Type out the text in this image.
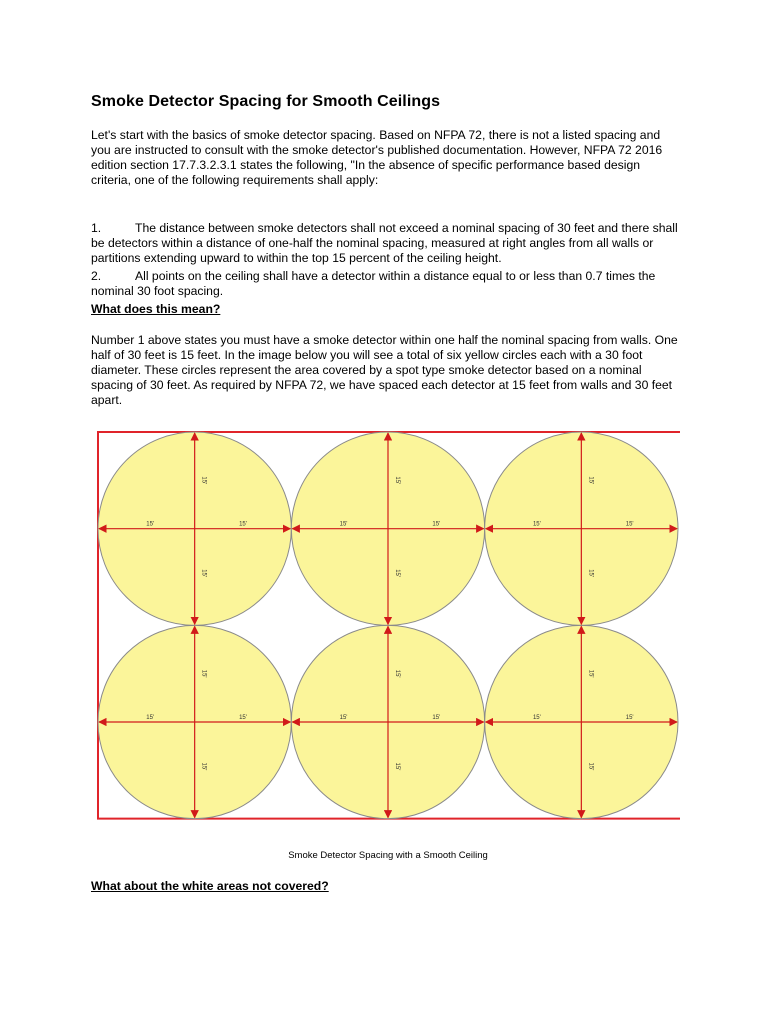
Smoke Detector Spacing for Smooth Ceilings

Let's start with the basics of smoke detector spacing. Based on NFPA 72, there is not a listed spacing and you are instructed to consult with the smoke detector's published documentation. However, NFPA 72 2016 edition section 17.7.3.2.3.1 states the following, "In the absence of specific performance based design criteria, one of the following requirements shall apply:

1.	The distance between smoke detectors shall not exceed a nominal spacing of 30 feet and there shall be detectors within a distance of one-half the nominal spacing, measured at right angles from all walls or partitions extending upward to within the top 15 percent of the ceiling height.

2.	All points on the ceiling shall have a detector within a distance equal to or less than 0.7 times the nominal 30 foot spacing.

What does this mean?

Number 1 above states you must have a smoke detector within one half the nominal spacing from walls. One half of 30 feet is 15 feet. In the image below you will see a total of six yellow circles each with a 30 foot diameter. These circles represent the area covered by a spot type smoke detector based on a nominal spacing of 30 feet. As required by NFPA 72, we have spaced each detector at 15 feet from walls and 30 feet apart.

15'	15'
15'
15'
15'	15'
15'
15'
15'	15'
15'
15'
15'	15'
15'
15'
15'	15'
15'
15'
15'	15'
15'
15'

Smoke Detector Spacing with a Smooth Ceiling

What about the white areas not covered?
